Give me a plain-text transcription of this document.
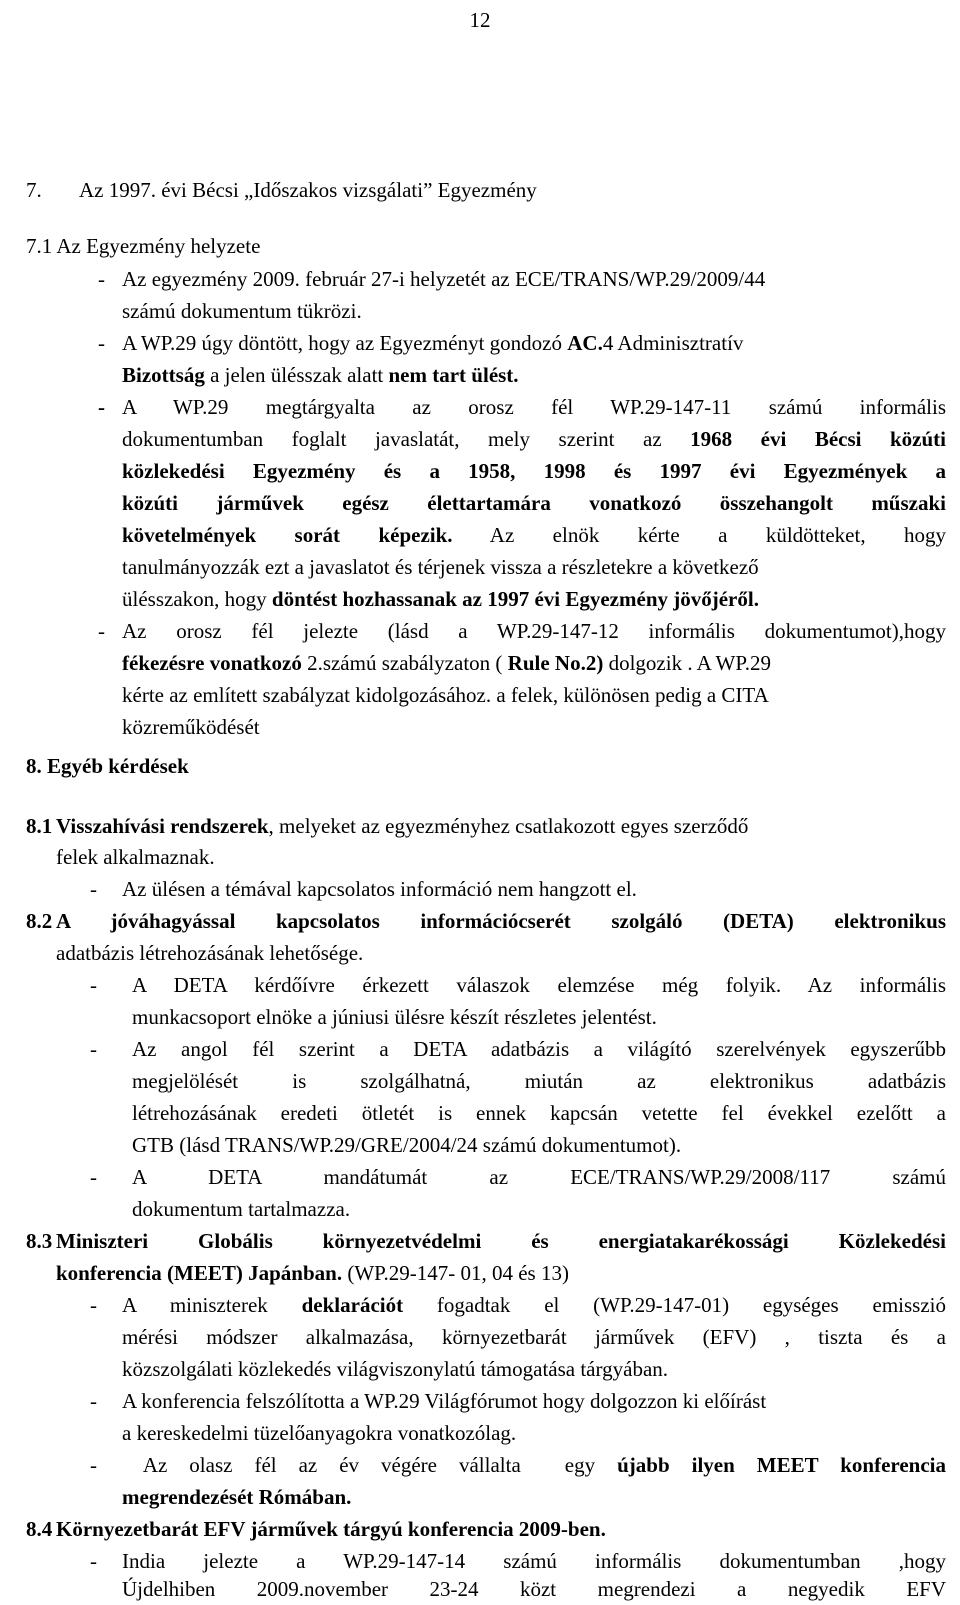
12
7. Az 1997. évi Bécsi „Időszakos vizsgálati” Egyezmény
7.1 Az Egyezmény helyzete
- Az egyezmény 2009. február 27-i helyzetét az ECE/TRANS/WP.29/2009/44
számú dokumentum tükrözi.
- A WP.29 úgy döntött, hogy az Egyezményt gondozó AC.4 Adminisztratív
Bizottság a jelen ülésszak alatt nem tart ülést.
- A WP.29 megtárgyalta az orosz fél WP.29-147-11 számú informális
dokumentumban foglalt javaslatát, mely szerint az 1968 évi Bécsi közúti
közlekedési Egyezmény és a 1958, 1998 és 1997 évi Egyezmények a
közúti járművek egész élettartamára vonatkozó összehangolt műszaki
követelmények sorát képezik. Az elnök kérte a küldötteket, hogy
tanulmányozzák ezt a javaslatot és térjenek vissza a részletekre a következő
ülésszakon, hogy döntést hozhassanak az 1997 évi Egyezmény jövőjéről.
- Az orosz fél jelezte (lásd a WP.29-147-12 informális dokumentumot),hogy
fékezésre vonatkozó 2.számú szabályzaton ( Rule No.2) dolgozik . A WP.29
kérte az említett szabályzat kidolgozásához. a felek, különösen pedig a CITA
közreműködését
8. Egyéb kérdések
8.1 Visszahívási rendszerek, melyeket az egyezményhez csatlakozott egyes szerződő
felek alkalmaznak.
- Az ülésen a témával kapcsolatos információ nem hangzott el.
8.2 A jóváhagyással kapcsolatos információcserét szolgáló (DETA) elektronikus
adatbázis létrehozásának lehetősége.
- A DETA kérdőívre érkezett válaszok elemzése még folyik. Az informális
munkacsoport elnöke a júniusi ülésre készít részletes jelentést.
- Az angol fél szerint a DETA adatbázis a világító szerelvények egyszerűbb
megjelölését is szolgálhatná, miután az elektronikus adatbázis
létrehozásának eredeti ötletét is ennek kapcsán vetette fel évekkel ezelőtt a
GTB (lásd TRANS/WP.29/GRE/2004/24 számú dokumentumot).
- A DETA mandátumát az ECE/TRANS/WP.29/2008/117 számú
dokumentum tartalmazza.
8.3 Miniszteri Globális környezetvédelmi és energiatakarékossági Közlekedési
konferencia (MEET) Japánban. (WP.29-147- 01, 04 és 13)
- A miniszterek deklarációt fogadtak el (WP.29-147-01) egységes emisszió
mérési módszer alkalmazása, környezetbarát járművek (EFV) , tiszta és a
közszolgálati közlekedés világviszonylatú támogatása tárgyában.
- A konferencia felszólította a WP.29 Világfórumot hogy dolgozzon ki előírást
a kereskedelmi tüzelőanyagokra vonatkozólag.
- Az olasz fél az év végére vállalta  egy újabb ilyen MEET konferencia
megrendezését Rómában.
8.4 Környezetbarát EFV járművek tárgyú konferencia 2009-ben.
- India jelezte a WP.29-147-14 számú informális dokumentumban ,hogy
Újdelhiben 2009.november 23-24 közt megrendezi a negyedik EFV
